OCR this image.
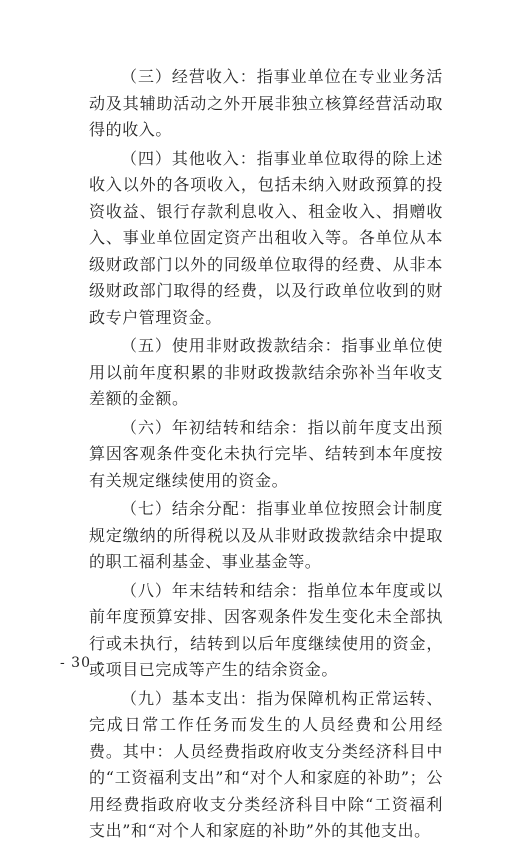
（三）经营收入：指事业单位在专业业务活动及其辅助活动之外开展非独立核算经营活动取得的收入。

（四）其他收入：指事业单位取得的除上述收入以外的各项收入，包括未纳入财政预算的投资收益、银行存款利息收入、租金收入、捐赠收入、事业单位固定资产出租收入等。各单位从本级财政部门以外的同级单位取得的经费、从非本级财政部门取得的经费，以及行政单位收到的财政专户管理资金。

（五）使用非财政拨款结余：指事业单位使用以前年度积累的非财政拨款结余弥补当年收支差额的金额。

（六）年初结转和结余：指以前年度支出预算因客观条件变化未执行完毕、结转到本年度按有关规定继续使用的资金。

（七）结余分配：指事业单位按照会计制度规定缴纳的所得税以及从非财政拨款结余中提取的职工福利基金、事业基金等。

（八）年末结转和结余：指单位本年度或以前年度预算安排、因客观条件发生变化未全部执行或未执行，结转到以后年度继续使用的资金，或项目已完成等产生的结余资金。

（九）基本支出：指为保障机构正常运转、完成日常工作任务而发生的人员经费和公用经费。其中：人员经费指政府收支分类经济科目中的“工资福利支出”和“对个人和家庭的补助”；公用经费指政府收支分类经济科目中除“工资福利支出”和“对个人和家庭的补助”外的其他支出。

- 30 -
